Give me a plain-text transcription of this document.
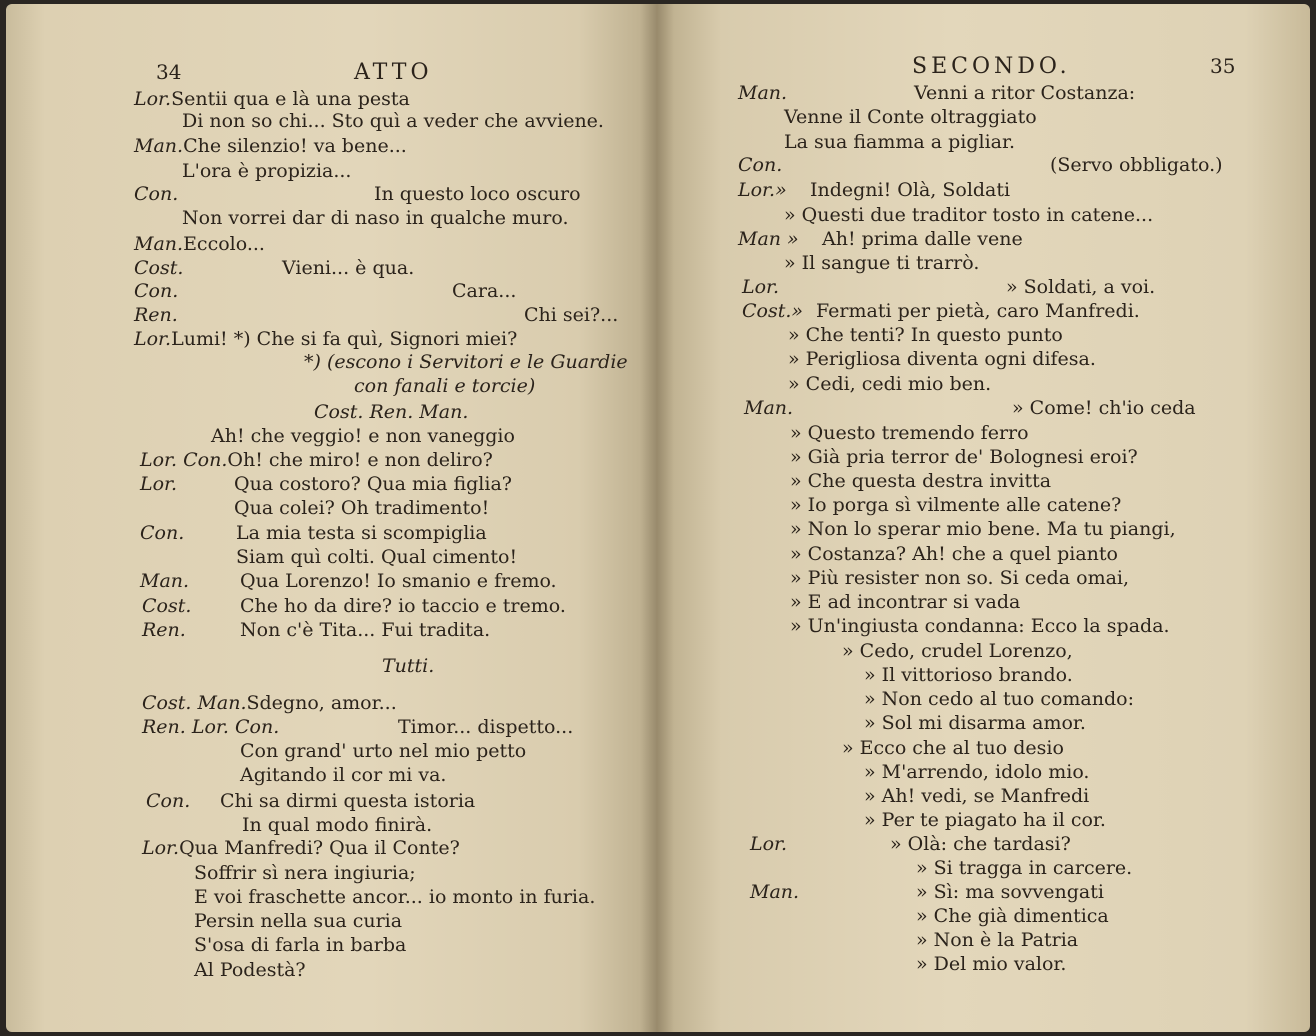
34	ATTO
Lor.Sentii qua e là una pesta
Di non so chi... Sto quì a veder che avviene.
Man.Che silenzio! va bene...
L'ora è propizia...
Con.	In questo loco oscuro
Non vorrei dar di naso in qualche muro.
Man.Eccolo...
Cost.	Vieni... è qua.
Con.	Cara...
Ren.	Chi sei?...
Lor.Lumi! *) Che si fa quì, Signori miei?
*) (escono i Servitori e le Guardie
con fanali e torcie)
Cost. Ren. Man.
Ah! che veggio! e non vaneggio
Lor. Con.Oh! che miro! e non deliro?
Lor.	Qua costoro? Qua mia figlia?
Qua colei? Oh tradimento!
Con.	La mia testa si scompiglia
Siam quì colti. Qual cimento!
Man.	Qua Lorenzo! Io smanio e fremo.
Cost.	Che ho da dire? io taccio e tremo.
Ren.	Non c'è Tita... Fui tradita.
Tutti.
Cost. Man.Sdegno, amor...
Ren. Lor. Con.	Timor... dispetto...
Con grand' urto nel mio petto
Agitando il cor mi va.
Con. Chi sa dirmi questa istoria
In qual modo finirà.
Lor.Qua Manfredi? Qua il Conte?
Soffrir sì nera ingiuria;
E voi fraschette ancor... io monto in furia.
Persin nella sua curia
S'osa di farla in barba
Al Podestà?
SECONDO.	35
Man.	Venni a ritor Costanza:
Venne il Conte oltraggiato
La sua fiamma a pigliar.
Con.	(Servo obbligato.)
Lor.» Indegni! Olà, Soldati
» Questi due traditor tosto in catene...
Man » Ah! prima dalle vene
» Il sangue ti trarrò.
Lor.	» Soldati, a voi.
Cost.» Fermati per pietà, caro Manfredi.
» Che tenti? In questo punto
» Perigliosa diventa ogni difesa.
» Cedi, cedi mio ben.
Man.	» Come! ch'io ceda
» Questo tremendo ferro
» Già pria terror de' Bolognesi eroi?
» Che questa destra invitta
» Io porga sì vilmente alle catene?
» Non lo sperar mio bene. Ma tu piangi,
» Costanza? Ah! che a quel pianto
» Più resister non so. Si ceda omai,
» E ad incontrar si vada
» Un'ingiusta condanna: Ecco la spada.
» Cedo, crudel Lorenzo,
» Il vittorioso brando.
» Non cedo al tuo comando:
» Sol mi disarma amor.
» Ecco che al tuo desio
» M'arrendo, idolo mio.
» Ah! vedi, se Manfredi
» Per te piagato ha il cor.
Lor.	» Olà: che tardasi?
» Si tragga in carcere.
Man.	» Sì: ma sovvengati
» Che già dimentica
» Non è la Patria
» Del mio valor.
